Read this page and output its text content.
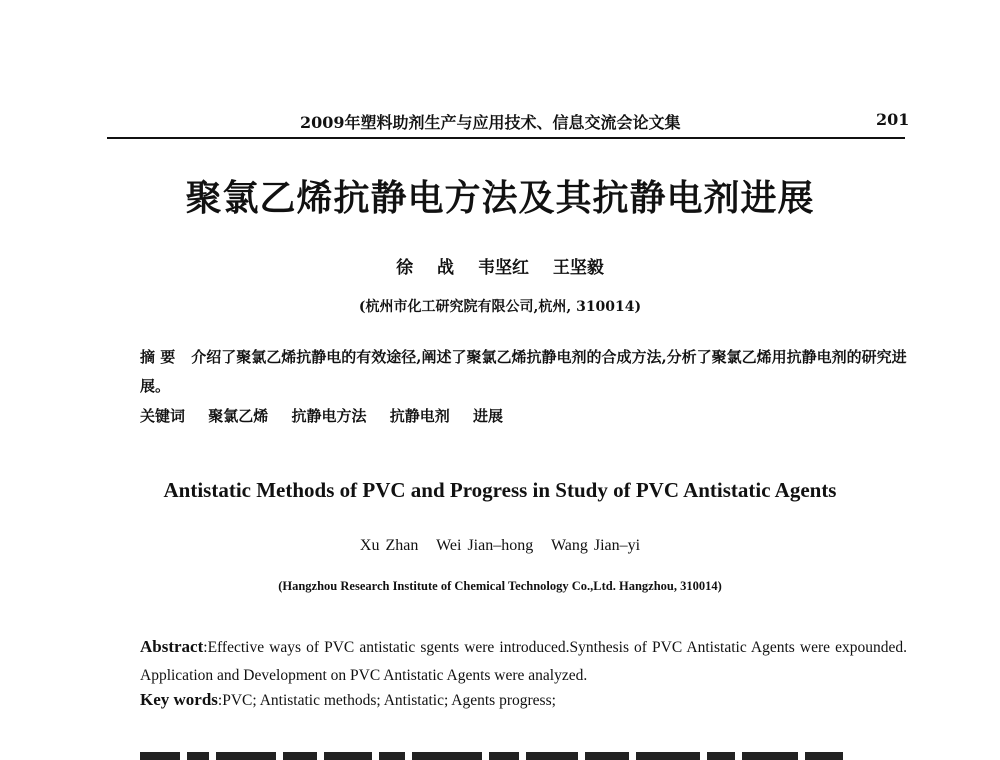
2009年塑料助剂生产与应用技术、信息交流会论文集	201
聚氯乙烯抗静电方法及其抗静电剂进展
徐 战 韦坚红 王坚毅
(杭州市化工研究院有限公司,杭州, 310014)
摘 要 介绍了聚氯乙烯抗静电的有效途径,阐述了聚氯乙烯抗静电剂的合成方法,分析了聚氯乙烯用抗静电剂的研究进展。
关键词 聚氯乙烯 抗静电方法 抗静电剂 进展
Antistatic Methods of PVC and Progress in Study of PVC Antistatic Agents
Xu Zhan Wei Jian–hong Wang Jian–yi
(Hangzhou Research Institute of Chemical Technology Co.,Ltd. Hangzhou, 310014)
Abstract:Effective ways of PVC antistatic sgents were introduced.Synthesis of PVC Antistatic Agents were expounded. Application and Development on PVC Antistatic Agents were analyzed.
Key words:PVC; Antistatic methods; Antistatic; Agents progress;
